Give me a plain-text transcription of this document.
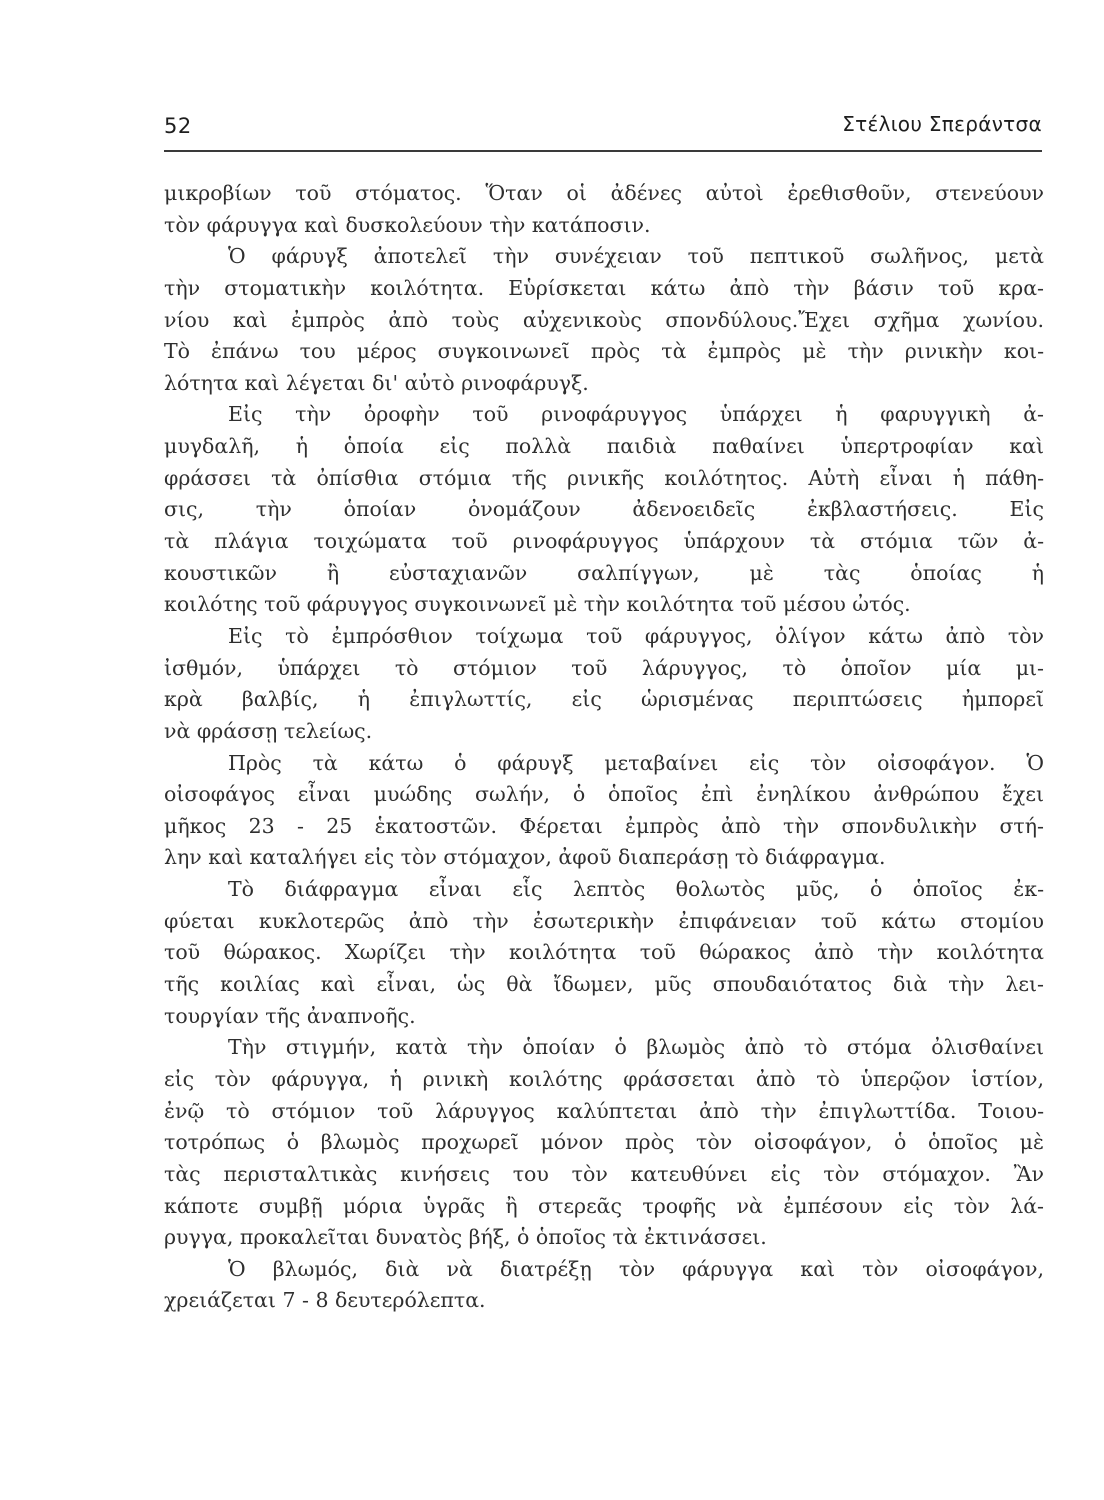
52	Στέλιου Σπεράντσα
μικροβίων τοῦ στόματος. Ὅταν οἱ ἀδένες αὐτοὶ ἐρεθισθοῦν, στενεύουν
τὸν φάρυγγα καὶ δυσκολεύουν τὴν κατάποσιν.
Ὁ φάρυγξ ἀποτελεῖ τὴν συνέχειαν τοῦ πεπτικοῦ σωλῆνος, μετὰ
τὴν στοματικὴν κοιλότητα. Εὑρίσκεται κάτω ἀπὸ τὴν βάσιν τοῦ κρα-
νίου καὶ ἐμπρὸς ἀπὸ τοὺς αὐχενικοὺς σπονδύλους.Ἔχει σχῆμα χωνίου.
Τὸ ἐπάνω του μέρος συγκοινωνεῖ πρὸς τὰ ἐμπρὸς μὲ τὴν ρινικὴν κοι-
λότητα καὶ λέγεται δι' αὐτὸ ρινοφάρυγξ.
Εἰς τὴν ὀροφὴν τοῦ ρινοφάρυγγος ὑπάρχει ἡ φαρυγγικὴ ἀ-
μυγδαλῆ, ἡ ὁποία εἰς πολλὰ παιδιὰ παθαίνει ὑπερτροφίαν καὶ
φράσσει τὰ ὀπίσθια στόμια τῆς ρινικῆς κοιλότητος. Αὐτὴ εἶναι ἡ πάθη-
σις, τὴν ὁποίαν ὀνομάζουν ἀδενοειδεῖς ἐκβλαστήσεις. Εἰς
τὰ πλάγια τοιχώματα τοῦ ρινοφάρυγγος ὑπάρχουν τὰ στόμια τῶν ἀ-
κουστικῶν ἢ εὐσταχιανῶν σαλπίγγων, μὲ τὰς ὁποίας ἡ
κοιλότης τοῦ φάρυγγος συγκοινωνεῖ μὲ τὴν κοιλότητα τοῦ μέσου ὠτός.
Εἰς τὸ ἐμπρόσθιον τοίχωμα τοῦ φάρυγγος, ὀλίγον κάτω ἀπὸ τὸν
ἰσθμόν, ὑπάρχει τὸ στόμιον τοῦ λάρυγγος, τὸ ὁποῖον μία μι-
κρὰ βαλβίς, ἡ ἐπιγλωττίς, εἰς ὡρισμένας περιπτώσεις ἠμπορεῖ
νὰ φράσσῃ τελείως.
Πρὸς τὰ κάτω ὁ φάρυγξ μεταβαίνει εἰς τὸν οἰσοφάγον. Ὁ
οἰσοφάγος εἶναι μυώδης σωλήν, ὁ ὁποῖος ἐπὶ ἐνηλίκου ἀνθρώπου ἔχει
μῆκος 23 - 25 ἑκατοστῶν. Φέρεται ἐμπρὸς ἀπὸ τὴν σπονδυλικὴν στή-
λην καὶ καταλήγει εἰς τὸν στόμαχον, ἀφοῦ διαπεράσῃ τὸ διάφραγμα.
Τὸ διάφραγμα εἶναι εἷς λεπτὸς θολωτὸς μῦς, ὁ ὁποῖος ἐκ-
φύεται κυκλοτερῶς ἀπὸ τὴν ἐσωτερικὴν ἐπιφάνειαν τοῦ κάτω στομίου
τοῦ θώρακος. Χωρίζει τὴν κοιλότητα τοῦ θώρακος ἀπὸ τὴν κοιλότητα
τῆς κοιλίας καὶ εἶναι, ὡς θὰ ἴδωμεν, μῦς σπουδαιότατος διὰ τὴν λει-
τουργίαν τῆς ἀναπνοῆς.
Τὴν στιγμήν, κατὰ τὴν ὁποίαν ὁ βλωμὸς ἀπὸ τὸ στόμα ὀλισθαίνει
εἰς τὸν φάρυγγα, ἡ ρινικὴ κοιλότης φράσσεται ἀπὸ τὸ ὑπερῷον ἱστίον,
ἐνῷ τὸ στόμιον τοῦ λάρυγγος καλύπτεται ἀπὸ τὴν ἐπιγλωττίδα. Τοιου-
τοτρόπως ὁ βλωμὸς προχωρεῖ μόνον πρὸς τὸν οἰσοφάγον, ὁ ὁποῖος μὲ
τὰς περισταλτικὰς κινήσεις του τὸν κατευθύνει εἰς τὸν στόμαχον. Ἂν
κάποτε συμβῇ μόρια ὑγρᾶς ἢ στερεᾶς τροφῆς νὰ ἐμπέσουν εἰς τὸν λά-
ρυγγα, προκαλεῖται δυνατὸς βήξ, ὁ ὁποῖος τὰ ἐκτινάσσει.
Ὁ βλωμός, διὰ νὰ διατρέξῃ τὸν φάρυγγα καὶ τὸν οἰσοφάγον,
χρειάζεται 7 - 8 δευτερόλεπτα.
